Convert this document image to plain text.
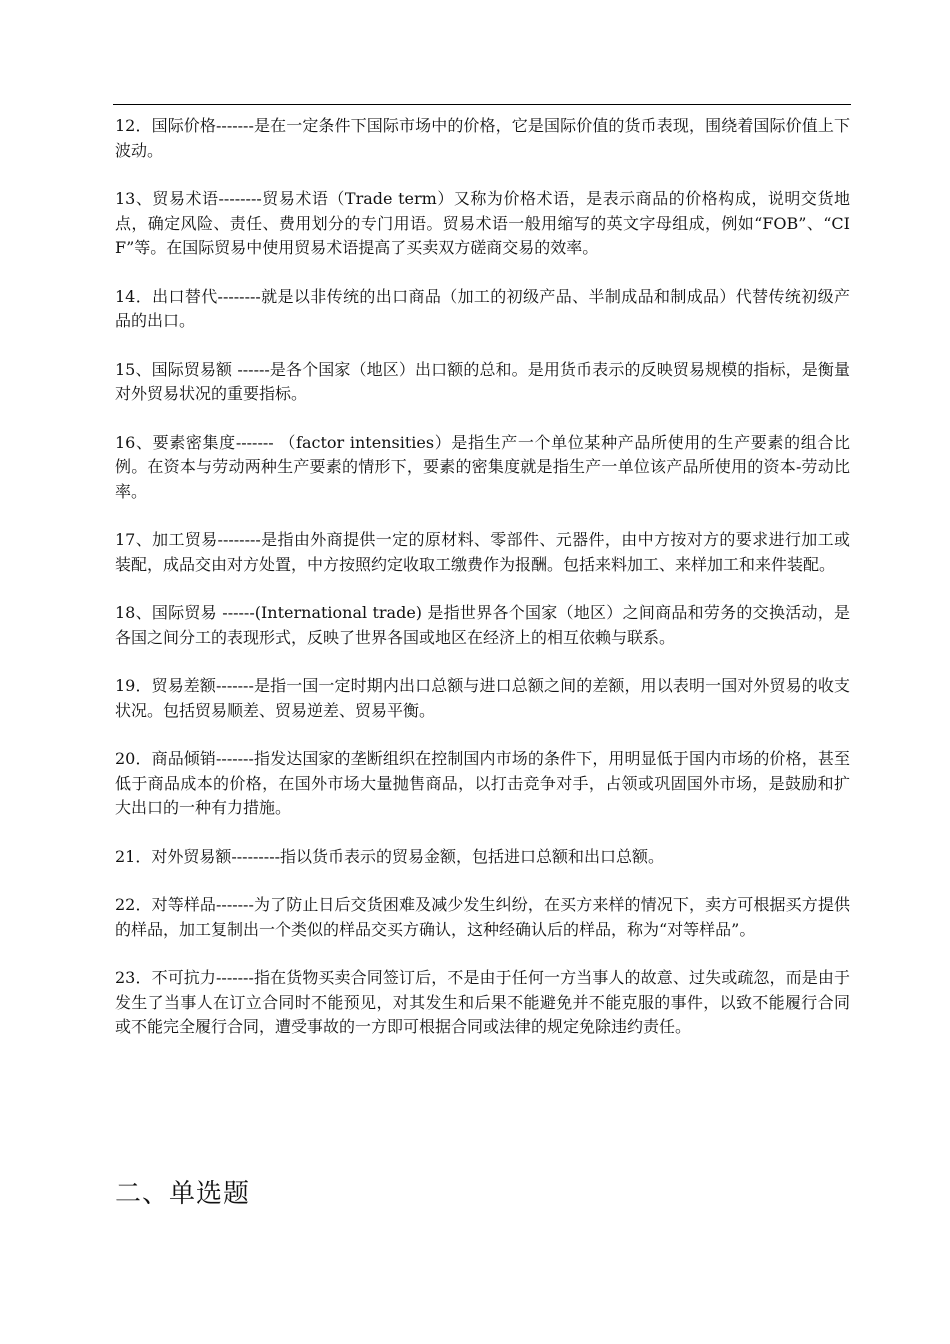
12．国际价格-------是在一定条件下国际市场中的价格，它是国际价值的货币表现，围绕着国际价值上下波动。

13、贸易术语--------贸易术语（Trade term）又称为价格术语，是表示商品的价格构成，说明交货地点，确定风险、责任、费用划分的专门用语。贸易术语一般用缩写的英文字母组成，例如“FOB”、“CIF”等。在国际贸易中使用贸易术语提高了买卖双方磋商交易的效率。

14．出口替代--------就是以非传统的出口商品（加工的初级产品、半制成品和制成品）代替传统初级产品的出口。

15、国际贸易额 ------是各个国家（地区）出口额的总和。是用货币表示的反映贸易规模的指标，是衡量对外贸易状况的重要指标。

16、要素密集度------- （factor intensities）是指生产一个单位某种产品所使用的生产要素的组合比例。在资本与劳动两种生产要素的情形下，要素的密集度就是指生产一单位该产品所使用的资本-劳动比率。

17、加工贸易--------是指由外商提供一定的原材料、零部件、元器件，由中方按对方的要求进行加工或装配，成品交由对方处置，中方按照约定收取工缴费作为报酬。包括来料加工、来样加工和来件装配。

18、国际贸易 ------(International trade) 是指世界各个国家（地区）之间商品和劳务的交换活动，是各国之间分工的表现形式，反映了世界各国或地区在经济上的相互依赖与联系。

19．贸易差额-------是指一国一定时期内出口总额与进口总额之间的差额，用以表明一国对外贸易的收支状况。包括贸易顺差、贸易逆差、贸易平衡。

20．商品倾销-------指发达国家的垄断组织在控制国内市场的条件下，用明显低于国内市场的价格，甚至低于商品成本的价格，在国外市场大量抛售商品，以打击竞争对手，占领或巩固国外市场，是鼓励和扩大出口的一种有力措施。

21．对外贸易额---------指以货币表示的贸易金额，包括进口总额和出口总额。

22．对等样品-------为了防止日后交货困难及减少发生纠纷，在买方来样的情况下，卖方可根据买方提供的样品，加工复制出一个类似的样品交买方确认，这种经确认后的样品，称为“对等样品”。

23．不可抗力-------指在货物买卖合同签订后，不是由于任何一方当事人的故意、过失或疏忽，而是由于发生了当事人在订立合同时不能预见，对其发生和后果不能避免并不能克服的事件，以致不能履行合同或不能完全履行合同，遭受事故的一方即可根据合同或法律的规定免除违约责任。

二、单选题
